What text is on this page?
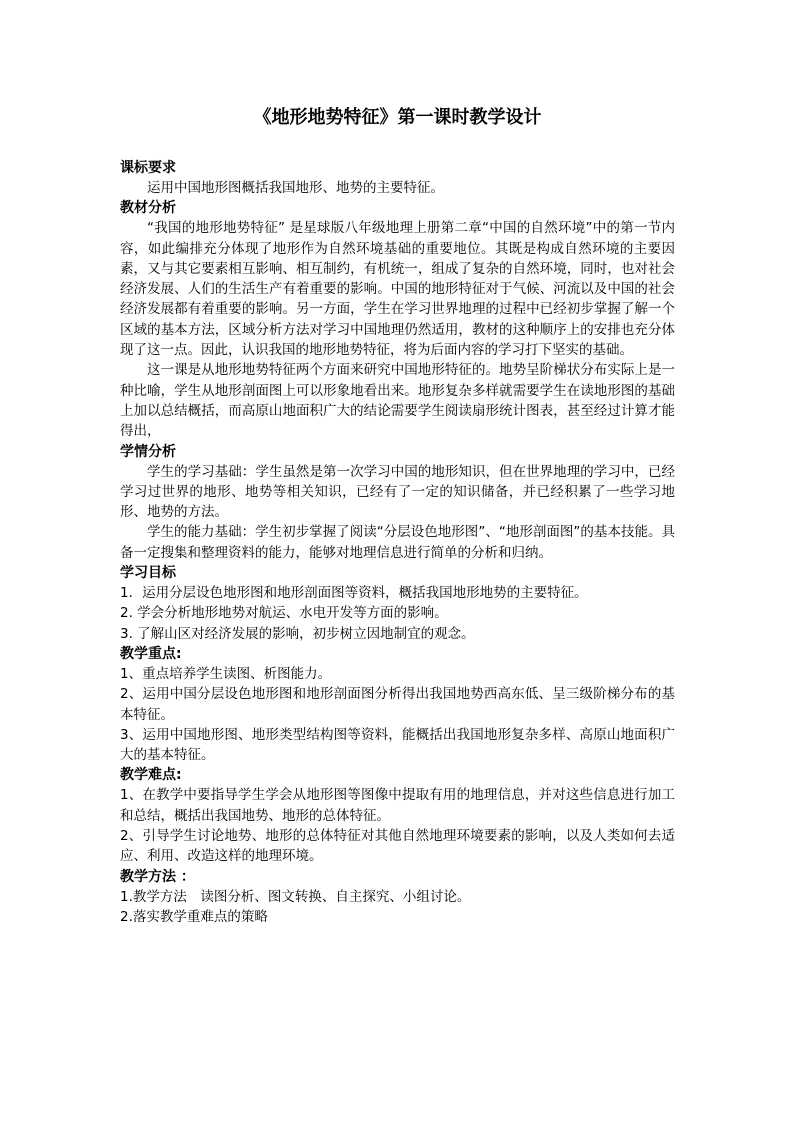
《地形地势特征》第一课时教学设计

课标要求

运用中国地形图概括我国地形、地势的主要特征。

教材分析

“我国的地形地势特征” 是星球版八年级地理上册第二章“中国的自然环境”中的第一节内容，如此编排充分体现了地形作为自然环境基础的重要地位。其既是构成自然环境的主要因素，又与其它要素相互影响、相互制约，有机统一，组成了复杂的自然环境，同时，也对社会经济发展、人们的生活生产有着重要的影响。中国的地形特征对于气候、河流以及中国的社会经济发展都有着重要的影响。另一方面，学生在学习世界地理的过程中已经初步掌握了解一个区域的基本方法，区域分析方法对学习中国地理仍然适用，教材的这种顺序上的安排也充分体现了这一点。因此，认识我国的地形地势特征，将为后面内容的学习打下坚实的基础。

这一课是从地形地势特征两个方面来研究中国地形特征的。地势呈阶梯状分布实际上是一种比喻，学生从地形剖面图上可以形象地看出来。地形复杂多样就需要学生在读地形图的基础上加以总结概括，而高原山地面积广大的结论需要学生阅读扇形统计图表，甚至经过计算才能得出，

学情分析

学生的学习基础：学生虽然是第一次学习中国的地形知识，但在世界地理的学习中，已经学习过世界的地形、地势等相关知识，已经有了一定的知识储备，并已经积累了一些学习地形、地势的方法。

学生的能力基础：学生初步掌握了阅读“分层设色地形图”、“地形剖面图”的基本技能。具备一定搜集和整理资料的能力，能够对地理信息进行简单的分析和归纳。

学习目标

1．运用分层设色地形图和地形剖面图等资料，概括我国地形地势的主要特征。

2. 学会分析地形地势对航运、水电开发等方面的影响。

3. 了解山区对经济发展的影响，初步树立因地制宜的观念。

教学重点:

1、重点培养学生读图、析图能力。

2、运用中国分层设色地形图和地形剖面图分析得出我国地势西高东低、呈三级阶梯分布的基本特征。

3、运用中国地形图、地形类型结构图等资料，能概括出我国地形复杂多样、高原山地面积广大的基本特征。

教学难点:

1、在教学中要指导学生学会从地形图等图像中提取有用的地理信息，并对这些信息进行加工和总结，概括出我国地势、地形的总体特征。

2、引导学生讨论地势、地形的总体特征对其他自然地理环境要素的影响，以及人类如何去适应、利用、改造这样的地理环境。

教学方法 ：

1.教学方法　读图分析、图文转换、自主探究、小组讨论。

2.落实教学重难点的策略
